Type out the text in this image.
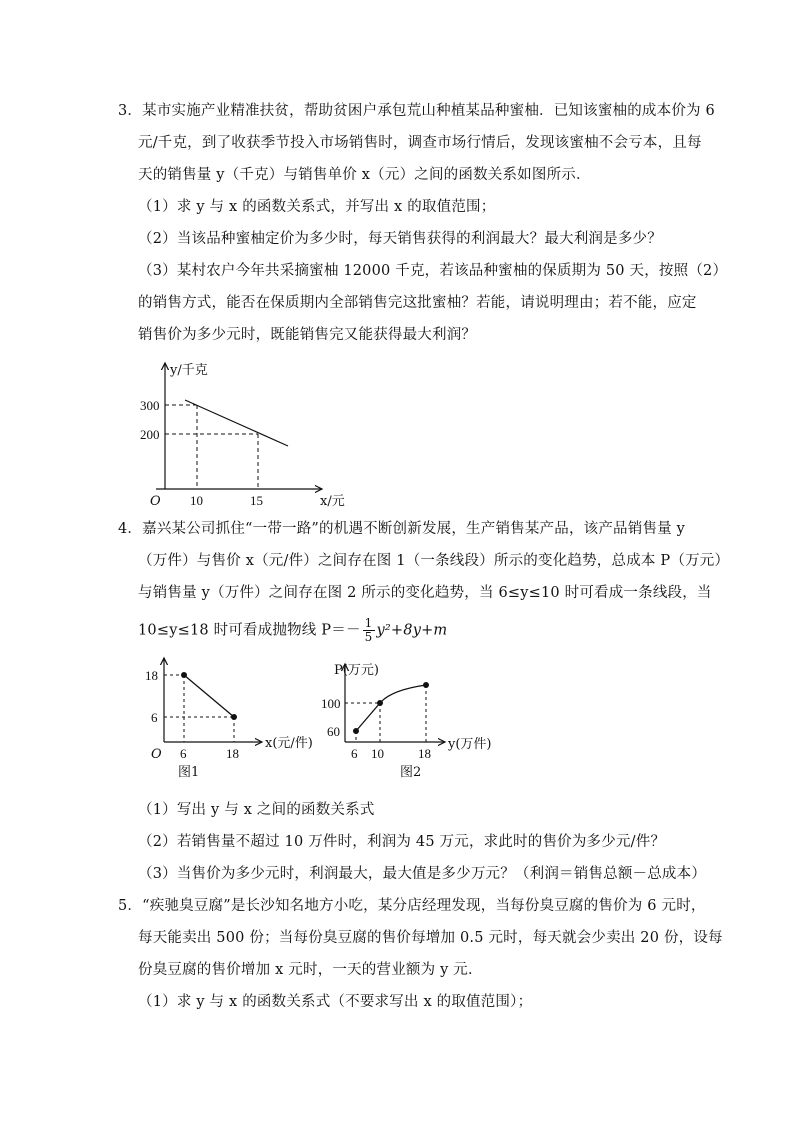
3．某市实施产业精准扶贫，帮助贫困户承包荒山种植某品种蜜柚．已知该蜜柚的成本价为 6
元/千克，到了收获季节投入市场销售时，调查市场行情后，发现该蜜柚不会亏本，且每
天的销售量 y（千克）与销售单价 x（元）之间的函数关系如图所示．
（1）求 y 与 x 的函数关系式，并写出 x 的取值范围；
（2）当该品种蜜柚定价为多少时，每天销售获得的利润最大？最大利润是多少？
（3）某村农户今年共采摘蜜柚 12000 千克，若该品种蜜柚的保质期为 50 天，按照（2）
的销售方式，能否在保质期内全部销售完这批蜜柚？若能，请说明理由；若不能，应定
销售价为多少元时，既能销售完又能获得最大利润？
y/千克
x/元
O
300
200
10	15
4．嘉兴某公司抓住“一带一路”的机遇不断创新发展，生产销售某产品，该产品销售量 y
（万件）与售价 x（元/件）之间存在图 1（一条线段）所示的变化趋势，总成本 P（万元）
与销售量 y（万件）之间存在图 2 所示的变化趋势，当 6≤y≤10 时可看成一条线段，当
10≤y≤18 时可看成抛物线 $P=- \frac{1}{5} y^2+8y+m$
18
6
O 6	18
x(元/件)
图1
P(万元)
100
60
6 10	18
y(万件)
图2
（1）写出 y 与 x 之间的函数关系式
（2）若销售量不超过 10 万件时，利润为 45 万元，求此时的售价为多少元/件？
（3）当售价为多少元时，利润最大，最大值是多少万元？（利润＝销售总额－总成本）
5．“疾驰臭豆腐”是长沙知名地方小吃，某分店经理发现，当每份臭豆腐的售价为 6 元时，
每天能卖出 500 份；当每份臭豆腐的售价每增加 0.5 元时，每天就会少卖出 20 份，设每
份臭豆腐的售价增加 x 元时，一天的营业额为 y 元．
（1）求 y 与 x 的函数关系式（不要求写出 x 的取值范围）；
